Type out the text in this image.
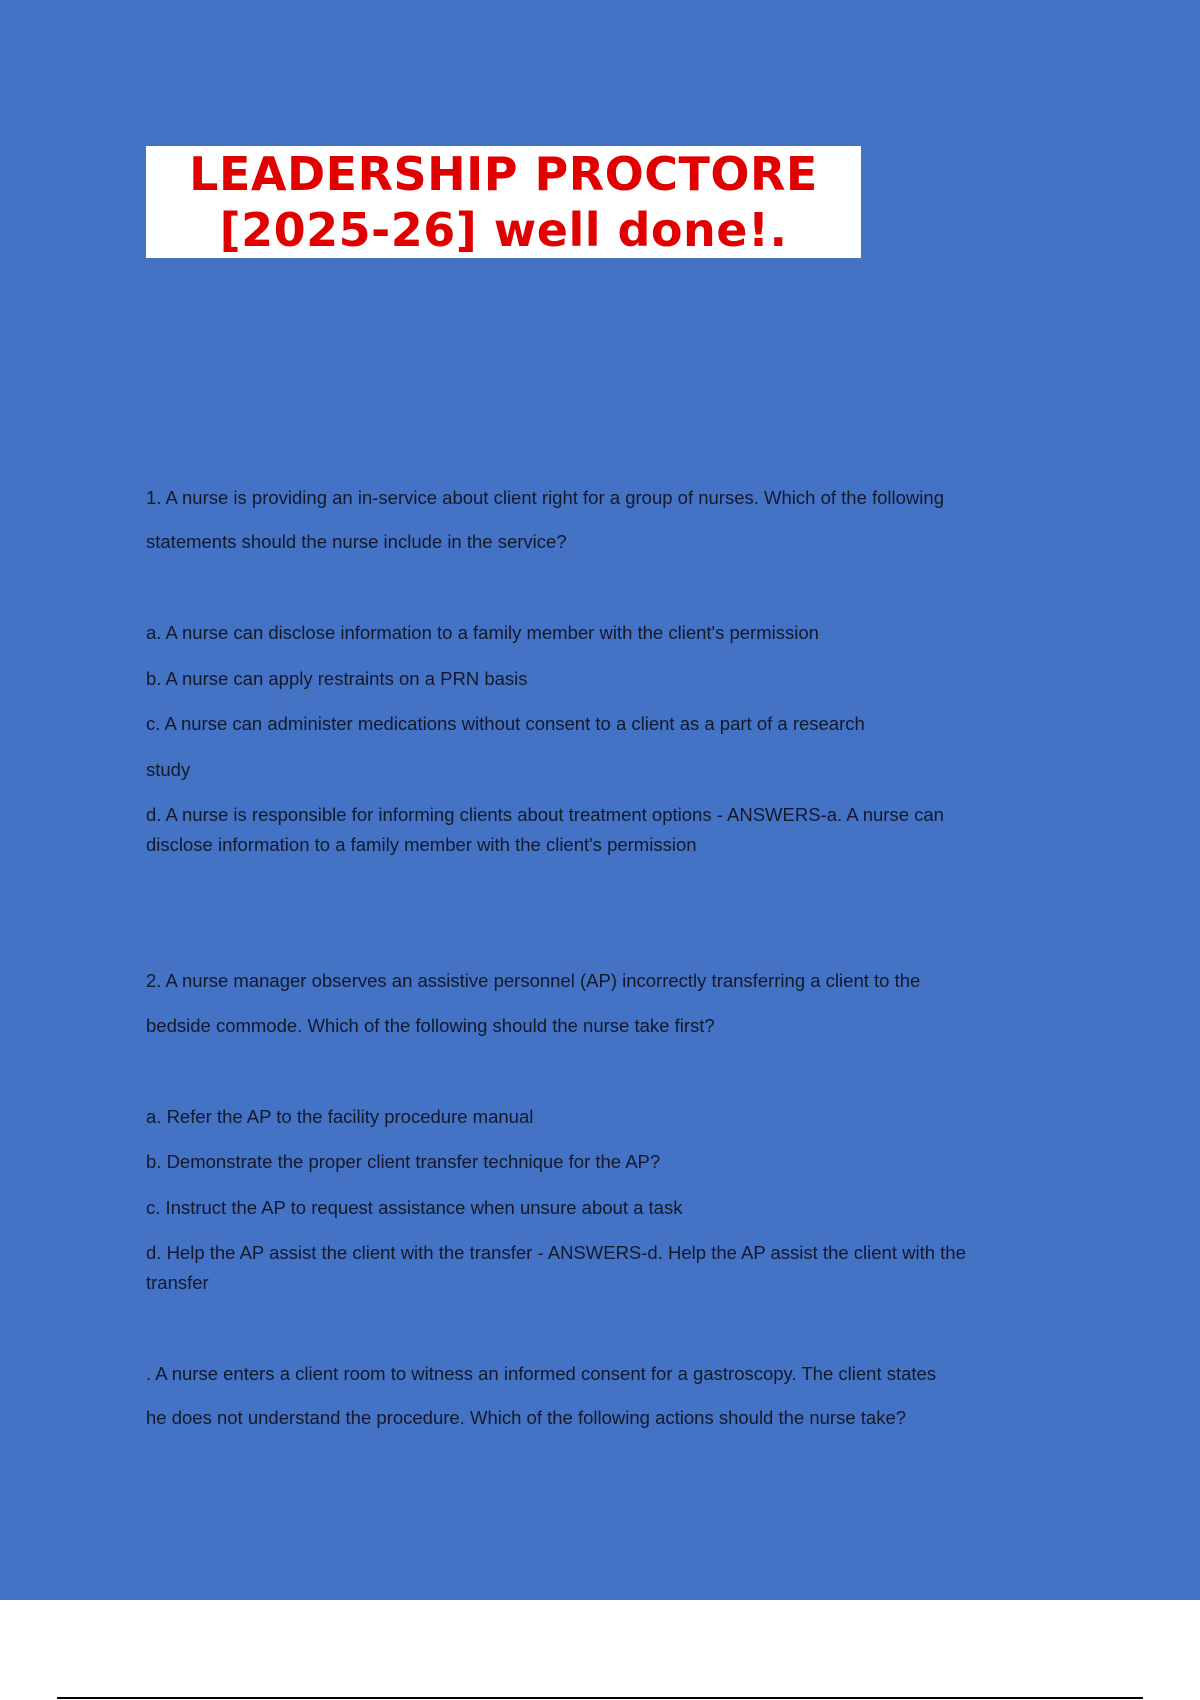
LEADERSHIP PROCTORE
[2025-26] well done!.
1. A nurse is providing an in-service about client right for a group of nurses. Which of the following
statements should the nurse include in the service?
a. A nurse can disclose information to a family member with the client's permission
b. A nurse can apply restraints on a PRN basis
c. A nurse can administer medications without consent to a client as a part of a research
study
d. A nurse is responsible for informing clients about treatment options - ANSWERS-a. A nurse can
disclose information to a family member with the client's permission
2. A nurse manager observes an assistive personnel (AP) incorrectly transferring a client to the
bedside commode. Which of the following should the nurse take first?
a. Refer the AP to the facility procedure manual
b. Demonstrate the proper client transfer technique for the AP?
c. Instruct the AP to request assistance when unsure about a task
d. Help the AP assist the client with the transfer - ANSWERS-d. Help the AP assist the client with the
transfer
. A nurse enters a client room to witness an informed consent for a gastroscopy. The client states
he does not understand the procedure. Which of the following actions should the nurse take?
